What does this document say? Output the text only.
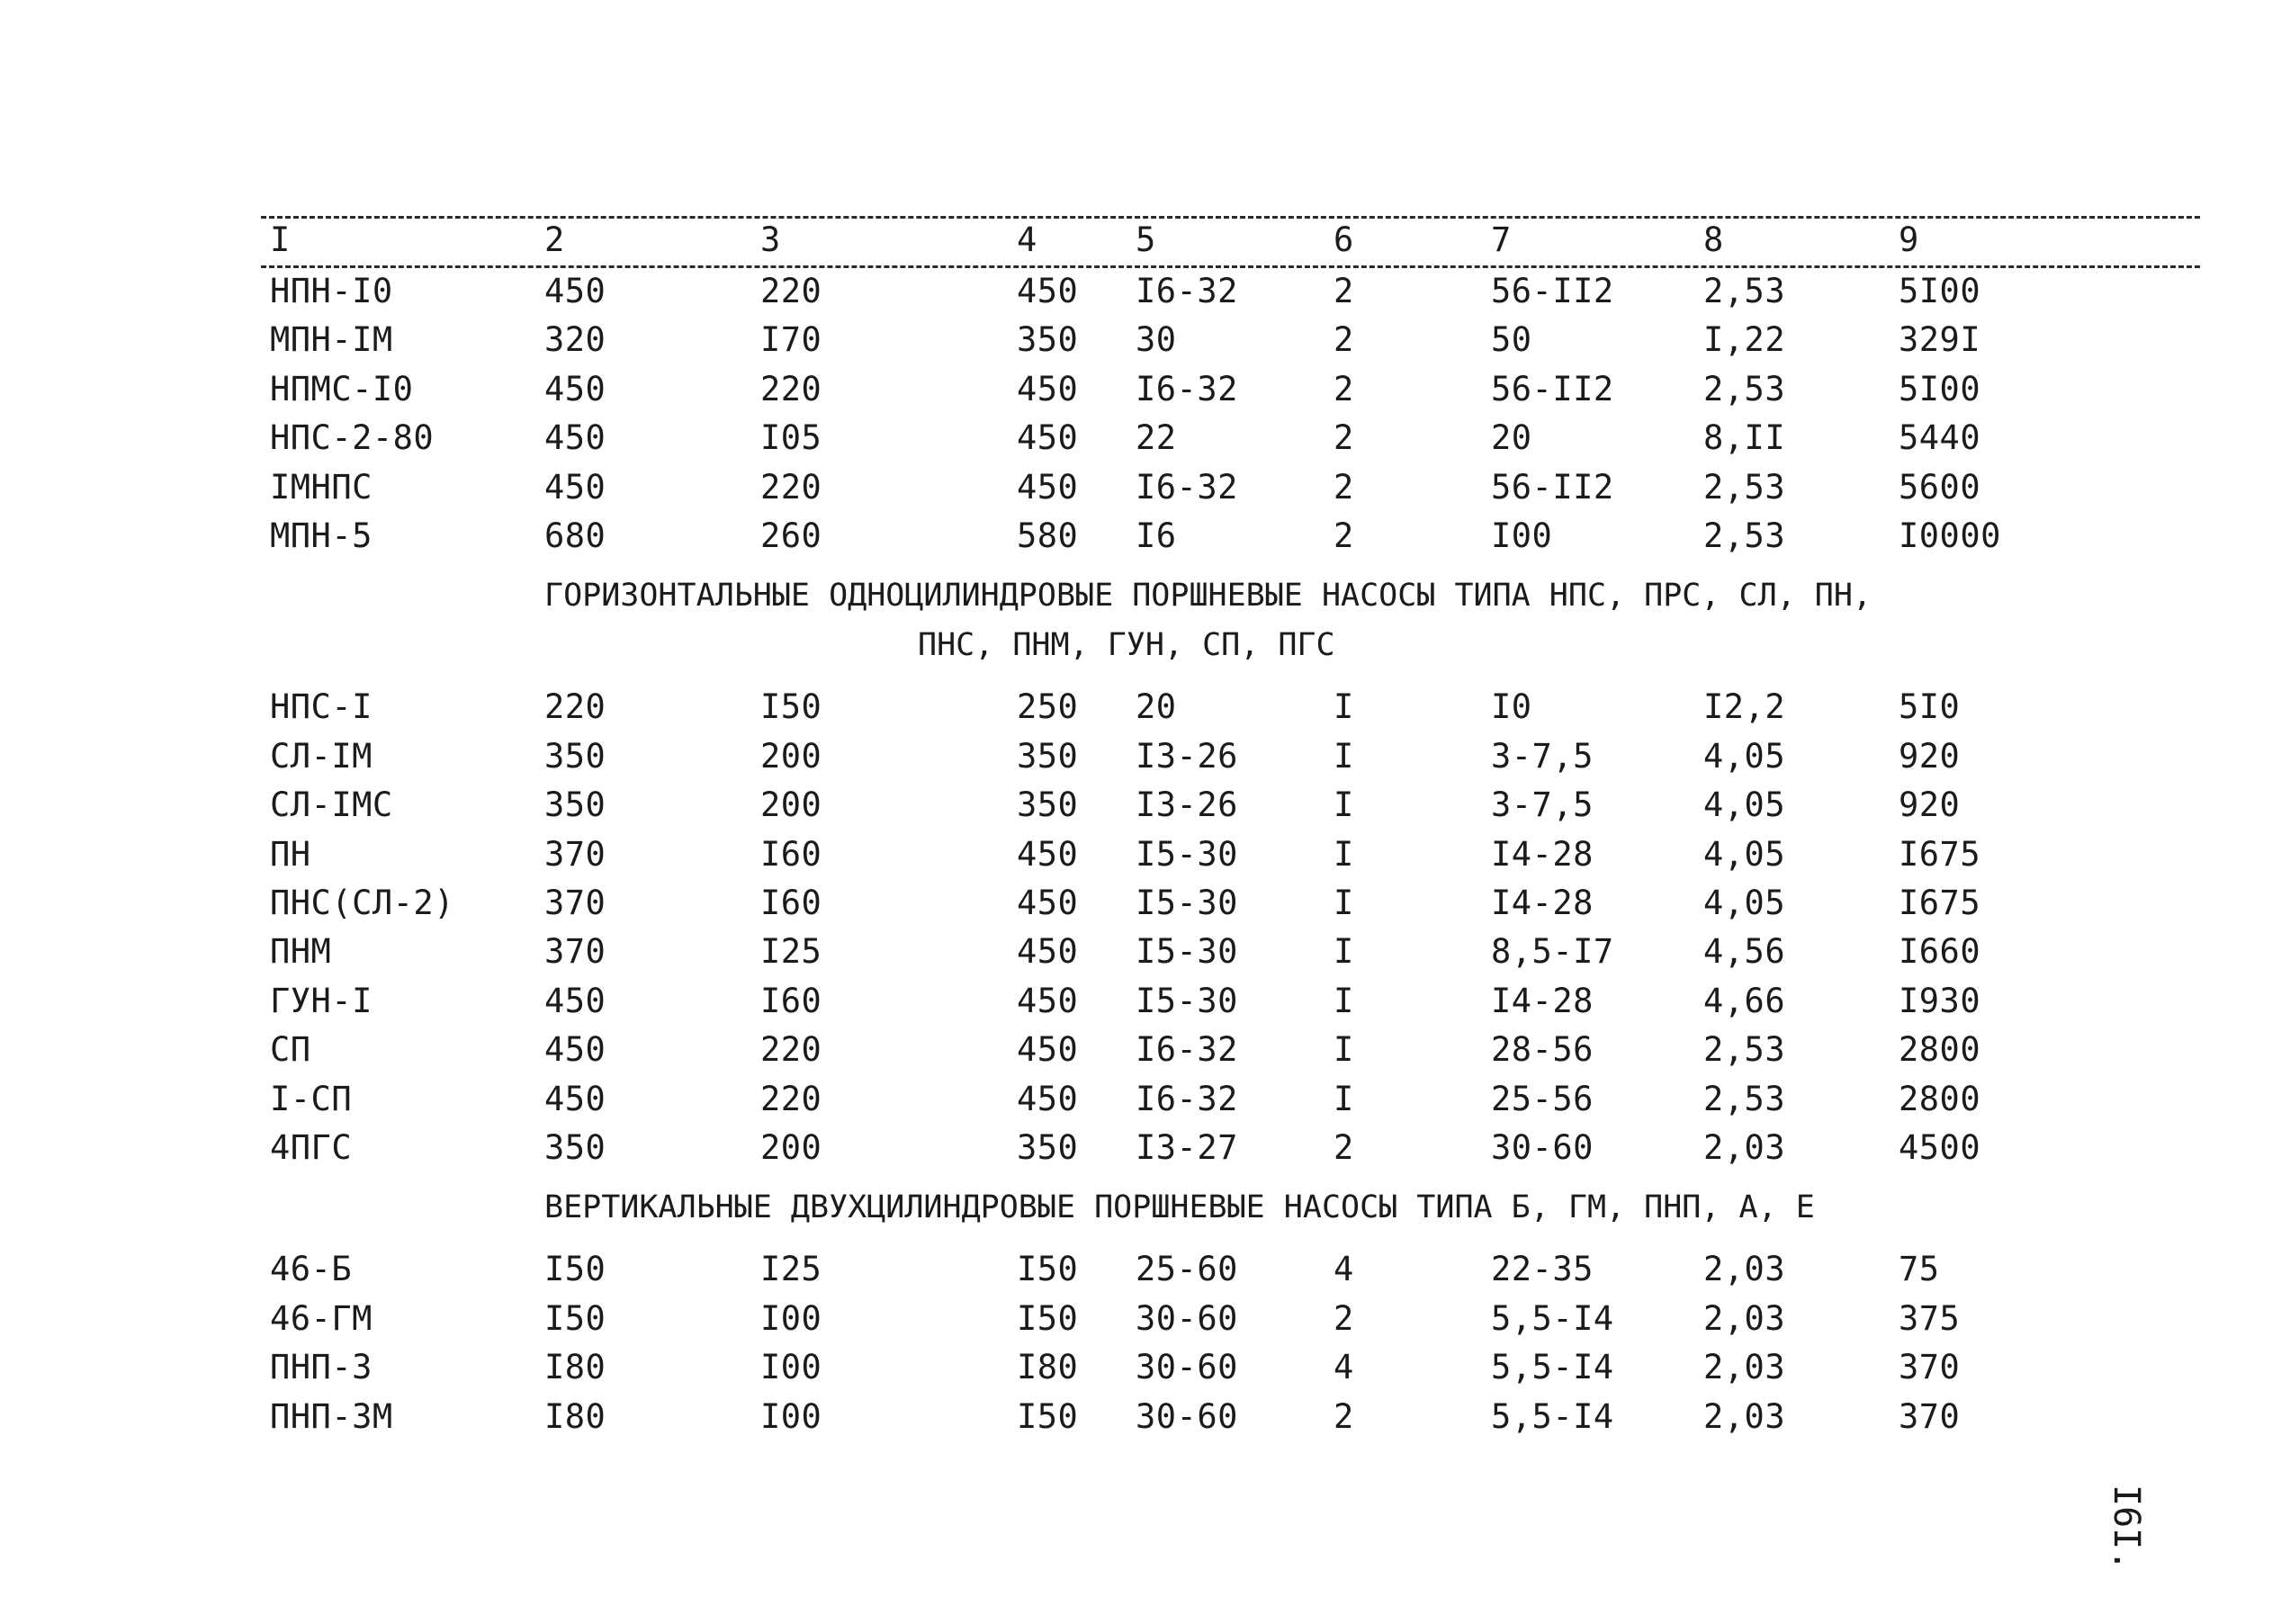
I	2	3	4	5	6	7	8	9
НПН-I0	450	220	450 I6-32	2	56-II2	2,53	5I00
МПН-IМ	320	I70	350 30	2	50	I,22	329I
НПМС-I0	450	220	450 I6-32	2	56-II2	2,53	5I00
НПС-2-80	450	I05	450 22	2	20	8,II	5440
IМНПС	450	220	450 I6-32	2	56-II2	2,53	5600
МПН-5	680	260	580 I6	2	I00	2,53	I0000
ГОРИЗОНТАЛЬНЫЕ ОДНОЦИЛИНДРОВЫЕ ПОРШНЕВЫЕ НАСОСЫ ТИПА НПС, ПРС, СЛ, ПН,
ПНС, ПНМ, ГУН, СП, ПГС
НПС-I	220	I50	250 20	I	I0	I2,2	5I0
СЛ-IМ	350	200	350 I3-26	I	3-7,5	4,05	920
СЛ-IМС	350	200	350 I3-26	I	3-7,5	4,05	920
ПН	370	I60	450 I5-30	I	I4-28	4,05	I675
ПНС(СЛ-2)	370	I60	450 I5-30	I	I4-28	4,05	I675
ПНМ	370	I25	450 I5-30	I	8,5-I7	4,56	I660
ГУН-I	450	I60	450 I5-30	I	I4-28	4,66	I930
СП	450	220	450 I6-32	I	28-56	2,53	2800
I-СП	450	220	450 I6-32	I	25-56	2,53	2800
4ПГС	350	200	350 I3-27	2	30-60	2,03	4500
ВЕРТИКАЛЬНЫЕ ДВУХЦИЛИНДРОВЫЕ ПОРШНЕВЫЕ НАСОСЫ ТИПА Б, ГМ, ПНП, А, Е
46-Б	I50	I25	I50 25-60	4	22-35	2,03	75
46-ГМ	I50	I00	I50 30-60	2	5,5-I4	2,03	375
ПНП-3	I80	I00	I80 30-60	4	5,5-I4	2,03	370
ПНП-3М	I80	I00	I50 30-60	2	5,5-I4	2,03	370
I6I.
